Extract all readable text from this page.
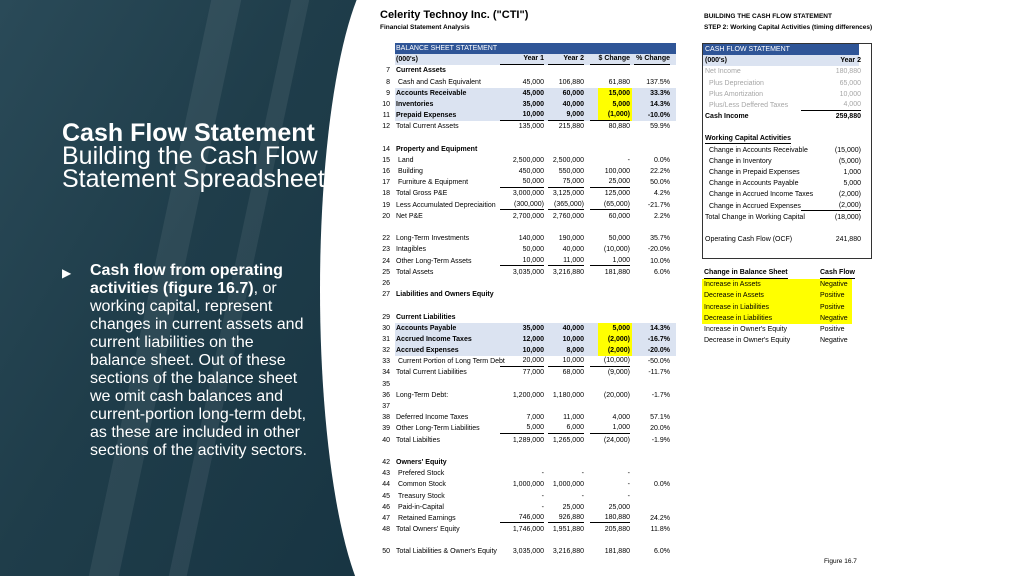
Cash Flow Statement
Building the Cash Flow Statement Spreadsheet
▶ Cash flow from operating activities (figure 16.7), or working capital, represent changes in current assets and current liabilities on the balance sheet. Out of these sections of the balance sheet we omit cash balances and current-portion long-term debt, as these are included in other sections of the activity sectors.
Celerity Technoy Inc. ("CTI")
Financial Statement Analysis
BUILDING THE CASH FLOW STATEMENT
STEP 2: Working Capital Activities (timing differences)
BALANCE SHEET STATEMENT
(000's)	Year 1	Year 2	$ Change % Change
7 Current Assets
8 Cash and Cash Equivalent	45,000	106,880	61,880	137.5%
9 Accounts Receivable	45,000	60,000	15,000	33.3%
10 Inventories	35,000	40,000	5,000	14.3%
11 Prepaid Expenses	10,000	9,000	(1,000)	-10.0%
12 Total Current Assets	135,000	215,880	80,880	59.9%
14 Property and Equipment
15 Land	2,500,000	2,500,000	-	0.0%
16 Building	450,000	550,000	100,000	22.2%
17 Furniture & Equipment	50,000	75,000	25,000	50.0%
18 Total Gross P&E	3,000,000	3,125,000	125,000	4.2%
19 Less Accumulated Depreciaition	(300,000)	(365,000)	(65,000)	-21.7%
20 Net P&E	2,700,000	2,760,000	60,000	2.2%
22 Long-Term Investments	140,000	190,000	50,000	35.7%
23 Intagibles	50,000	40,000	(10,000)	-20.0%
24 Other Long-Term Assets	10,000	11,000	1,000	10.0%
25 Total Assets	3,035,000	3,216,880	181,880	6.0%
26
27 Liabilities and Owners Equity
29 Current Liabilities
30 Accounts Payable	35,000	40,000	5,000	14.3%
31 Accrued Income Taxes	12,000	10,000	(2,000)	-16.7%
32 Accrued Expenses	10,000	8,000	(2,000)	-20.0%
33 Current Portion of Long Term Debt	20,000	10,000	(10,000)	-50.0%
34 Total Current Liabilities	77,000	68,000	(9,000)	-11.7%
35
36 Long-Term Debt:	1,200,000	1,180,000	(20,000)	-1.7%
37
38 Deferred Income Taxes	7,000	11,000	4,000	57.1%
39 Other Long-Term Liabilities	5,000	6,000	1,000	20.0%
40 Total Liabilties	1,289,000	1,265,000	(24,000)	-1.9%
42 Owners' Equity
43 Prefered Stock	-	-	-
44 Common Stock	1,000,000	1,000,000	-	0.0%
45 Treasury Stock	-	-	-
46 Paid-in-Capital	-	25,000	25,000
47 Retained Earnings	746,000	926,880	180,880	24.2%
48 Total Owners' Equity	1,746,000	1,951,880	205,880	11.8%
50 Total Liabilities & Owner's Equity	3,035,000	3,216,880	181,880	6.0%
CASH FLOW STATEMENT
(000's)	Year 2
Net Income	180,880
Plus Depreciation	65,000
Plus Amortization	10,000
Plus/Less Deffered Taxes	4,000
Cash Income	259,880
Working Capital Activities
Change in Accounts Receivable	(15,000)
Change in Inventory	(5,000)
Change in Prepaid Expenses	1,000
Change in Accounts Payable	5,000
Change in Accrued Income Taxes	(2,000)
Change in Accrued Expenses	(2,000)
Total Change in Working Capital	(18,000)
Operating Cash Flow (OCF)	241,880
Change in Balance Sheet	Cash Flow
Increase in Assets	Negative
Decrease in Assets	Positive
Increase in Liabilities	Positive
Decrease in Liabilities	Negative
Increase in Owner's Equity	Positive
Decrease in Owner's Equity	Negative
Figure 16.7
